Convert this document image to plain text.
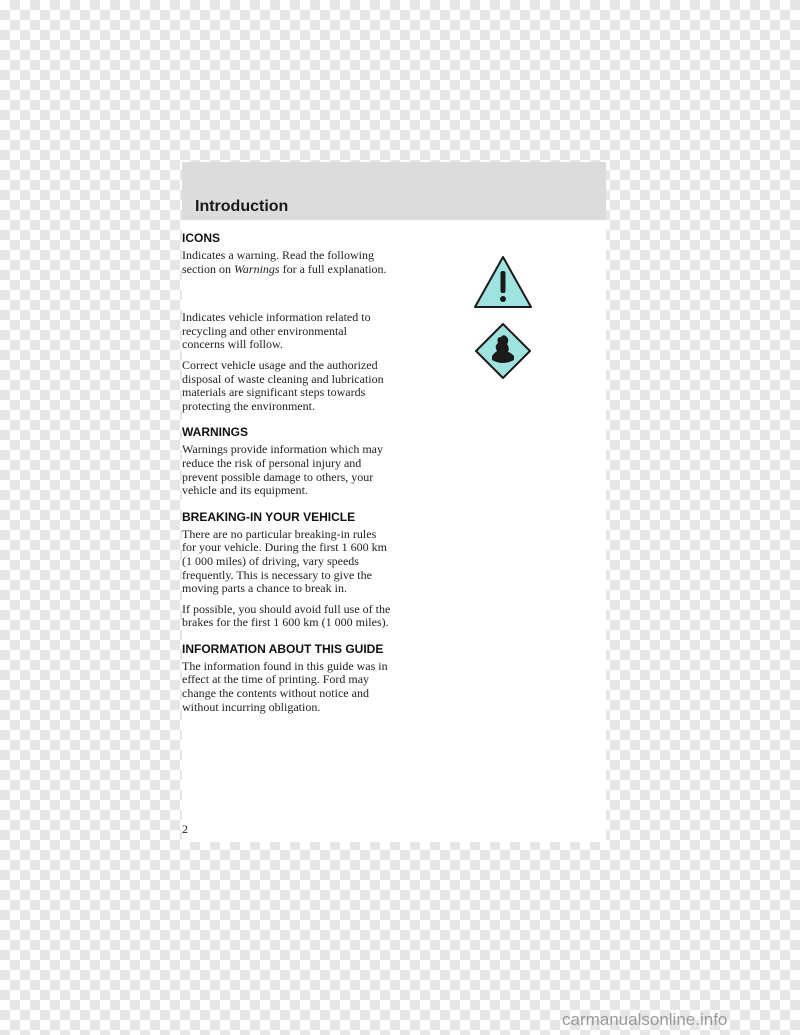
Introduction
ICONS
Indicates a warning. Read the following section on Warnings for a full explanation.
Indicates vehicle information related to recycling and other environmental concerns will follow.
Correct vehicle usage and the authorized disposal of waste cleaning and lubrication materials are significant steps towards protecting the environment.
WARNINGS
Warnings provide information which may reduce the risk of personal injury and prevent possible damage to others, your vehicle and its equipment.
BREAKING-IN YOUR VEHICLE
There are no particular breaking-in rules for your vehicle. During the first 1 600 km (1 000 miles) of driving, vary speeds frequently. This is necessary to give the moving parts a chance to break in.
If possible, you should avoid full use of the brakes for the first 1 600 km (1 000 miles).
INFORMATION ABOUT THIS GUIDE
The information found in this guide was in effect at the time of printing. Ford may change the contents without notice and without incurring obligation.
2
carmanualsonline.info
